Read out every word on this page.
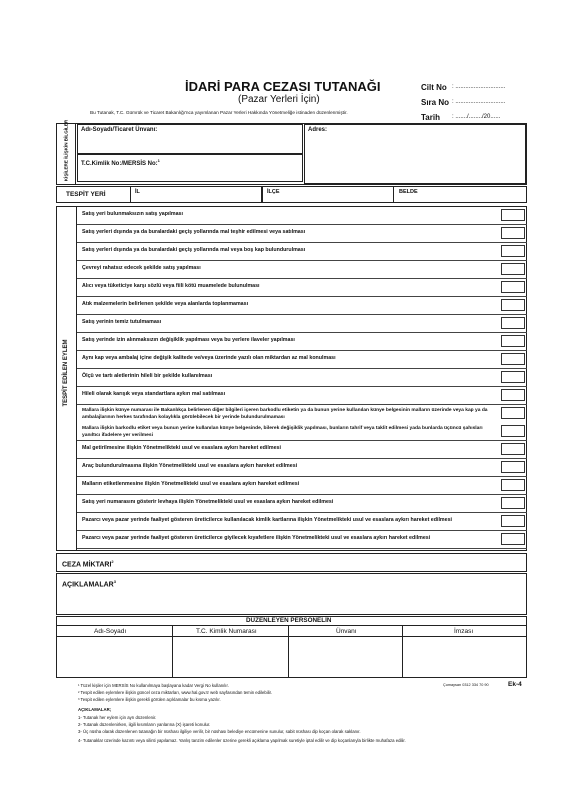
İDARİ PARA CEZASI TUTANAĞI
(Pazar Yerleri İçin)
Bu Tutanak, T.C. Gümrük ve Ticaret Bakanlığı'nca yayımlanan Pazar Yerleri Hakkında Yönetmeliğe istinaden düzenlenmiştir.
Cilt No : ..............................
Sıra No : ..............................
Tarih : ......./......../20......
KİŞİLERE İLİŞKİN BİLGİLER Adı-Soyadı/Ticaret Ünvanı:
T.C.Kimlik No:/MERSİS No:$^1$
Adres:
TESPİT YERİ	İL	İLÇE	BELDE
TESPİT EDİLEN EYLEM
Satış yeri bulunmaksızın satış yapılması
Satış yerleri dışında ya da buralardaki geçiş yollarında mal teşhir edilmesi veya satılması
Satış yerleri dışında ya da buralardaki geçiş yollarında mal veya boş kap bulundurulması
Çevreyi rahatsız edecek şekilde satış yapılması
Alıcı veya tüketiciye karşı sözlü veya fiili kötü muamelede bulunulması
Atık malzemelerin belirlenen şekilde veya alanlarda toplanmaması
Satış yerinin temiz tutulmaması
Satış yerinde izin alınmaksızın değişiklik yapılması veya bu yerlere ilaveler yapılması
Aynı kap veya ambalaj içine değişik kalitede ve/veya üzerinde yazılı olan miktardan az mal konulması
Ölçü ve tartı aletlerinin hileli bir şekilde kullanılması
Hileli olarak karışık veya standartlara aykırı mal satılması
Mallara ilişkin künye numarası ile Bakanlıkça belirlenen diğer bilgileri içeren barkodlu etiketin ya da bunun yerine kullanılan künye belgesinin malların üzerinde veya kap ya da ambalajlarının herkes tarafından kolaylıkla görülebilecek bir yerinde bulundurulmaması
Mallara ilişkin barkodlu etiket veya bunun yerine kullanılan künye belgesinde, bilerek değişiklik yapılması, bunların tahrif veya taklit edilmesi yada bunlarda üçüncü şahısları yanıltıcı ifadelere yer verilmesi
Mal getirilmesine ilişkin Yönetmelikteki usul ve esaslara aykırı hareket edilmesi
Araç bulundurulmasına ilişkin Yönetmelikteki usul ve esaslara aykırı hareket edilmesi
Malların etiketlenmesine ilişkin Yönetmelikteki usul ve esaslara aykırı hareket edilmesi
Satış yeri numarasını gösterir levhaya ilişkin Yönetmelikteki usul ve esaslara aykırı hareket edilmesi
Pazarcı veya pazar yerinde faaliyet gösteren üreticilerce kullanılacak kimlik kartlarına ilişkin Yönetmelikteki usul ve esaslara aykırı hareket edilmesi
Pazarcı veya pazar yerinde faaliyet gösteren üreticilerce giyilecek kıyafetlere ilişkin Yönetmelikteki usul ve esaslara aykırı hareket edilmesi
CEZA MİKTARI$^2$
AÇIKLAMALAR$^3$
DÜZENLEYEN PERSONELİN
Adı-Soyadı	T.C. Kimlik Numarası	Ünvanı	İmzası
¹ Tüzel kişiler için MERSİS No kullanılmaya başlayana kadar Vergi No kullanılır.	Çumaysan 0312 334 70 90	Ek-4
² Tespit edilen eylemlere ilişkin güncel ceza miktarları, www.hal.gov.tr web sayfasından temin edilebilir.
³ Tespit edilen eylemlere ilişkin gerekli görülen açıklamalar bu kısma yazılır.
AÇIKLAMALAR;
1- Tutanak her eylem için ayrı düzenlenir.
2- Tutanak düzenlenirken, ilgili kısımların yanlarına (X) işareti konulur.
3- Üç nüsha olarak düzenlenen tutanağın bir nüshası ilgiliye verilir, bir nüshası belediye encümenine sunulur, sabit nüshası dip koçan olarak saklanır.
4- Tutanaklar üzerinde kazıntı veya silinti yapılamaz. Yanlış tanzim edilenler üzerine gerekli açıklama yapılmak suretiyle iptal edilir ve dip koçanlarıyla birlikte muhafaza edilir.
